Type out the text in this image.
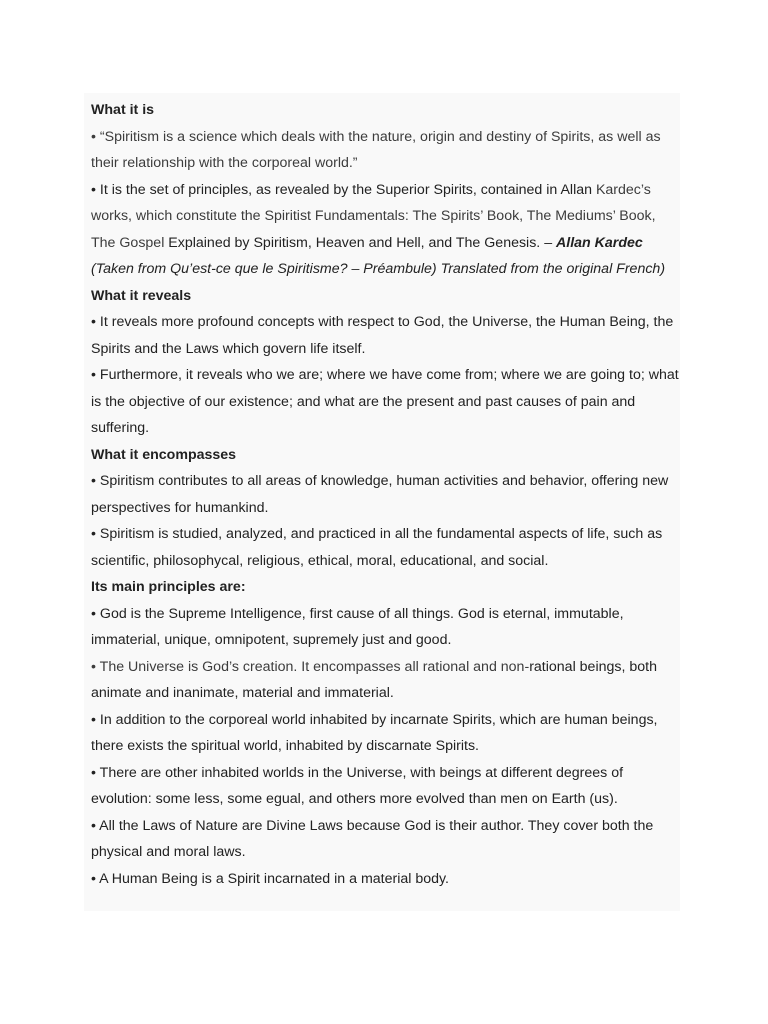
What it is

• “Spiritism is a science which deals with the nature, origin and destiny of Spirits, as well as their relationship with the corporeal world.”

• It is the set of principles, as revealed by the Superior Spirits, contained in Allan Kardec’s works, which constitute the Spiritist Fundamentals: The Spirits’ Book, The Mediums’ Book, The Gospel Explained by Spiritism, Heaven and Hell, and The Genesis. – Allan Kardec (Taken from Qu’est-ce que le Spiritisme? – Préambule) Translated from the original French)

What it reveals

• It reveals more profound concepts with respect to God, the Universe, the Human Being, the Spirits and the Laws which govern life itself.

• Furthermore, it reveals who we are; where we have come from; where we are going to; what is the objective of our existence; and what are the present and past causes of pain and suffering.

What it encompasses

• Spiritism contributes to all areas of knowledge, human activities and behavior, offering new perspectives for humankind.

• Spiritism is studied, analyzed, and practiced in all the fundamental aspects of life, such as scientific, philosophycal, religious, ethical, moral, educational, and social.

Its main principles are:

• God is the Supreme Intelligence, first cause of all things. God is eternal, immutable, immaterial, unique, omnipotent, supremely just and good.

• The Universe is God’s creation. It encompasses all rational and non-rational beings, both animate and inanimate, material and immaterial.

• In addition to the corporeal world inhabited by incarnate Spirits, which are human beings, there exists the spiritual world, inhabited by discarnate Spirits.

• There are other inhabited worlds in the Universe, with beings at different degrees of evolution: some less, some egual, and others more evolved than men on Earth (us).

• All the Laws of Nature are Divine Laws because God is their author. They cover both the physical and moral laws.

• A Human Being is a Spirit incarnated in a material body.
